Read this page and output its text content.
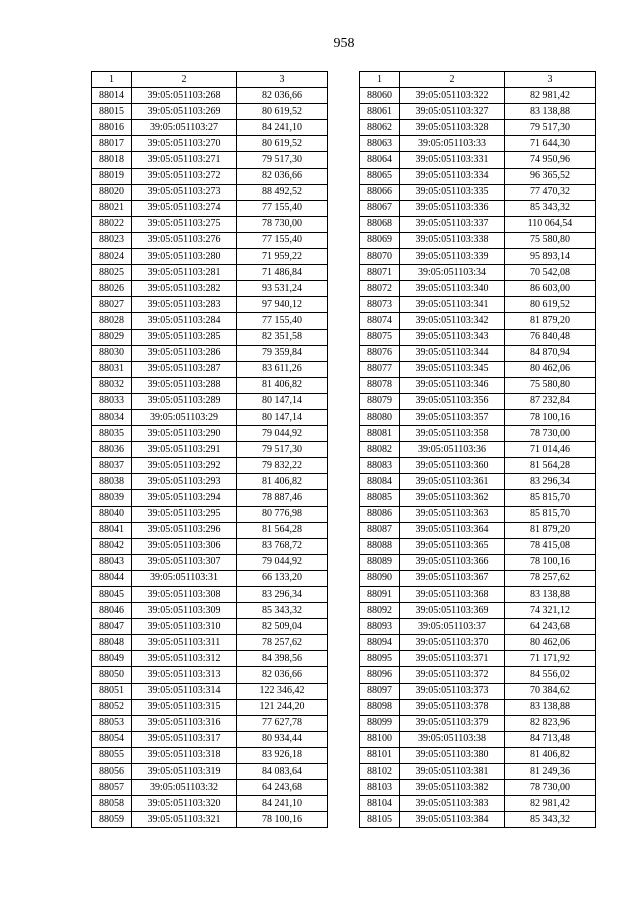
958
1	2	3
88014	39:05:051103:268	82 036,66
88015	39:05:051103:269	80 619,52
88016	39:05:051103:27	84 241,10
88017	39:05:051103:270	80 619,52
88018	39:05:051103:271	79 517,30
88019	39:05:051103:272	82 036,66
88020	39:05:051103:273	88 492,52
88021	39:05:051103:274	77 155,40
88022	39:05:051103:275	78 730,00
88023	39:05:051103:276	77 155,40
88024	39:05:051103:280	71 959,22
88025	39:05:051103:281	71 486,84
88026	39:05:051103:282	93 531,24
88027	39:05:051103:283	97 940,12
88028	39:05:051103:284	77 155,40
88029	39:05:051103:285	82 351,58
88030	39:05:051103:286	79 359,84
88031	39:05:051103:287	83 611,26
88032	39:05:051103:288	81 406,82
88033	39:05:051103:289	80 147,14
88034	39:05:051103:29	80 147,14
88035	39:05:051103:290	79 044,92
88036	39:05:051103:291	79 517,30
88037	39:05:051103:292	79 832,22
88038	39:05:051103:293	81 406,82
88039	39:05:051103:294	78 887,46
88040	39:05:051103:295	80 776,98
88041	39:05:051103:296	81 564,28
88042	39:05:051103:306	83 768,72
88043	39:05:051103:307	79 044,92
88044	39:05:051103:31	66 133,20
88045	39:05:051103:308	83 296,34
88046	39:05:051103:309	85 343,32
88047	39:05:051103:310	82 509,04
88048	39:05:051103:311	78 257,62
88049	39:05:051103:312	84 398,56
88050	39:05:051103:313	82 036,66
88051	39:05:051103:314	122 346,42
88052	39:05:051103:315	121 244,20
88053	39:05:051103:316	77 627,78
88054	39:05:051103:317	80 934,44
88055	39:05:051103:318	83 926,18
88056	39:05:051103:319	84 083,64
88057	39:05:051103:32	64 243,68
88058	39:05:051103:320	84 241,10
88059	39:05:051103:321	78 100,16
1	2	3
88060	39:05:051103:322	82 981,42
88061	39:05:051103:327	83 138,88
88062	39:05:051103:328	79 517,30
88063	39:05:051103:33	71 644,30
88064	39:05:051103:331	74 950,96
88065	39:05:051103:334	96 365,52
88066	39:05:051103:335	77 470,32
88067	39:05:051103:336	85 343,32
88068	39:05:051103:337	110 064,54
88069	39:05:051103:338	75 580,80
88070	39:05:051103:339	95 893,14
88071	39:05:051103:34	70 542,08
88072	39:05:051103:340	86 603,00
88073	39:05:051103:341	80 619,52
88074	39:05:051103:342	81 879,20
88075	39:05:051103:343	76 840,48
88076	39:05:051103:344	84 870,94
88077	39:05:051103:345	80 462,06
88078	39:05:051103:346	75 580,80
88079	39:05:051103:356	87 232,84
88080	39:05:051103:357	78 100,16
88081	39:05:051103:358	78 730,00
88082	39:05:051103:36	71 014,46
88083	39:05:051103:360	81 564,28
88084	39:05:051103:361	83 296,34
88085	39:05:051103:362	85 815,70
88086	39:05:051103:363	85 815,70
88087	39:05:051103:364	81 879,20
88088	39:05:051103:365	78 415,08
88089	39:05:051103:366	78 100,16
88090	39:05:051103:367	78 257,62
88091	39:05:051103:368	83 138,88
88092	39:05:051103:369	74 321,12
88093	39:05:051103:37	64 243,68
88094	39:05:051103:370	80 462,06
88095	39:05:051103:371	71 171,92
88096	39:05:051103:372	84 556,02
88097	39:05:051103:373	70 384,62
88098	39:05:051103:378	83 138,88
88099	39:05:051103:379	82 823,96
88100	39:05:051103:38	84 713,48
88101	39:05:051103:380	81 406,82
88102	39:05:051103:381	81 249,36
88103	39:05:051103:382	78 730,00
88104	39:05:051103:383	82 981,42
88105	39:05:051103:384	85 343,32
